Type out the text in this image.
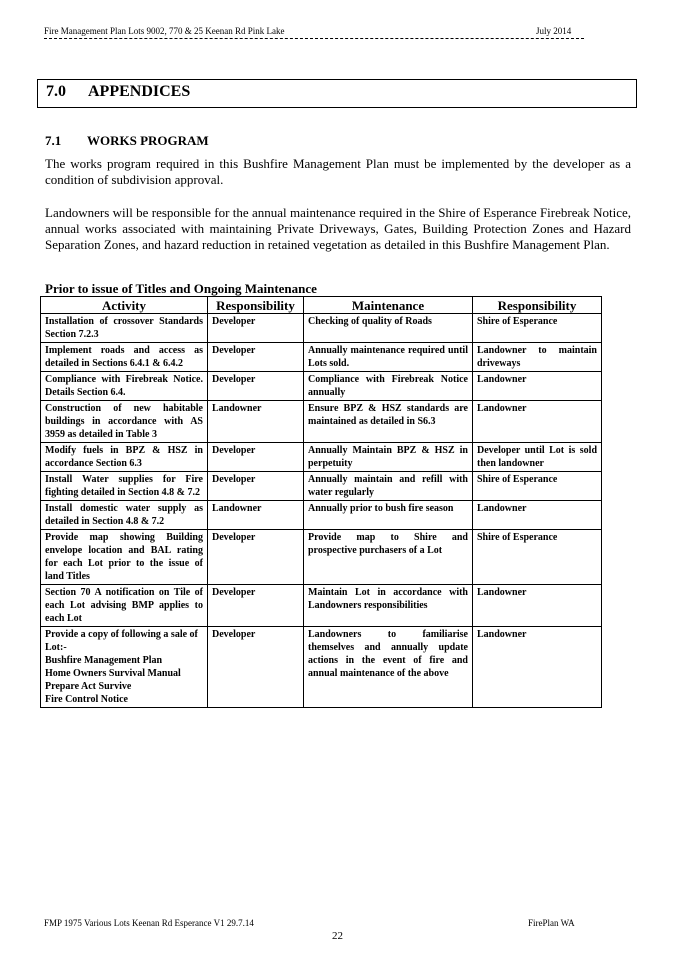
Fire Management Plan Lots 9002, 770 & 25 Keenan Rd Pink Lake	July 2014
7.0 APPENDICES
7.1 WORKS PROGRAM

The works program required in this Bushfire Management Plan must be implemented by the developer as a condition of subdivision approval.

Landowners will be responsible for the annual maintenance required in the Shire of Esperance Firebreak Notice, annual works associated with maintaining Private Driveways, Gates, Building Protection Zones and Hazard Separation Zones, and hazard reduction in retained vegetation as detailed in this Bushfire Management Plan.

Prior to issue of Titles and Ongoing Maintenance
Activity	Responsibility	Maintenance	Responsibility
Installation of crossover Standards Section 7.2.3	Developer	Checking of quality of Roads	Shire of Esperance
Implement roads and access as detailed in Sections 6.4.1 & 6.4.2	Developer	Annually maintenance required until Lots sold.	Landowner to maintain driveways
Compliance with Firebreak Notice. Details Section 6.4.	Developer	Compliance with Firebreak Notice annually	Landowner
Construction of new habitable buildings in accordance with AS 3959 as detailed in Table 3	Landowner	Ensure BPZ & HSZ standards are maintained as detailed in S6.3	Landowner
Modify fuels in BPZ & HSZ in accordance Section 6.3	Developer	Annually Maintain BPZ & HSZ in perpetuity	Developer until Lot is sold then landowner
Install Water supplies for Fire fighting detailed in Section 4.8 & 7.2	Developer	Annually maintain and refill with water regularly	Shire of Esperance
Install domestic water supply as detailed in Section 4.8 & 7.2	Landowner	Annually prior to bush fire season	Landowner
Provide map showing Building envelope location and BAL rating for each Lot prior to the issue of land Titles	Developer	Provide map to Shire and prospective purchasers of a Lot	Shire of Esperance
Section 70 A notification on Tile of each Lot advising BMP applies to each Lot	Developer	Maintain Lot in accordance with Landowners responsibilities	Landowner

Provide a copy of following a sale of Lot:-
Bushfire Management Plan
Home Owners Survival Manual
Prepare Act Survive
Fire Control Notice	Developer	Landowners to familiarise themselves and annually update actions in the event of fire and annual maintenance of the above	Landowner
FMP 1975 Various Lots Keenan Rd Esperance V1 29.7.14	FirePlan WA
22
